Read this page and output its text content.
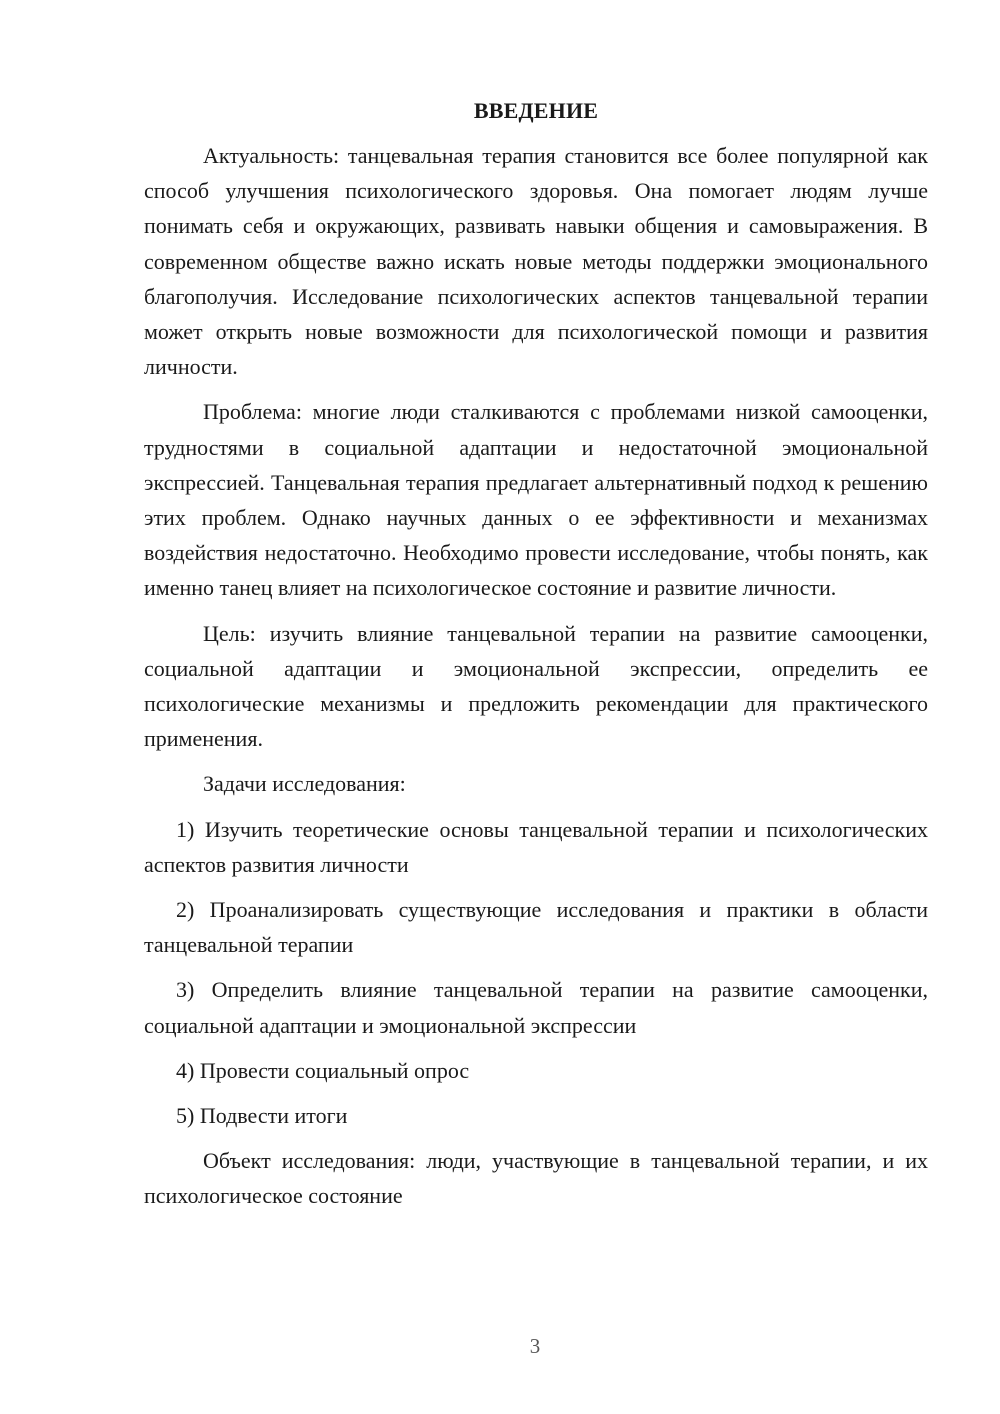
ВВЕДЕНИЕ

Актуальность: танцевальная терапия становится все более популярной как способ улучшения психологического здоровья. Она помогает людям лучше понимать себя и окружающих, развивать навыки общения и самовыражения. В современном обществе важно искать новые методы поддержки эмоционального благополучия. Исследование психологических аспектов танцевальной терапии может открыть новые возможности для психологической помощи и развития личности.

Проблема: многие люди сталкиваются с проблемами низкой самооценки, трудностями в социальной адаптации и недостаточной эмоциональной экспрессией. Танцевальная терапия предлагает альтернативный подход к решению этих проблем. Однако научных данных о ее эффективности и механизмах воздействия недостаточно. Необходимо провести исследование, чтобы понять, как именно танец влияет на психологическое состояние и развитие личности.

Цель: изучить влияние танцевальной терапии на развитие самооценки, социальной адаптации и эмоциональной экспрессии, определить ее психологические механизмы и предложить рекомендации для практического применения.

Задачи исследования:

1) Изучить теоретические основы танцевальной терапии и психологических аспектов развития личности

2) Проанализировать существующие исследования и практики в области танцевальной терапии

3) Определить влияние танцевальной терапии на развитие самооценки, социальной адаптации и эмоциональной экспрессии

4) Провести социальный опрос

5) Подвести итоги

Объект исследования: люди, участвующие в танцевальной терапии, и их психологическое состояние

3
